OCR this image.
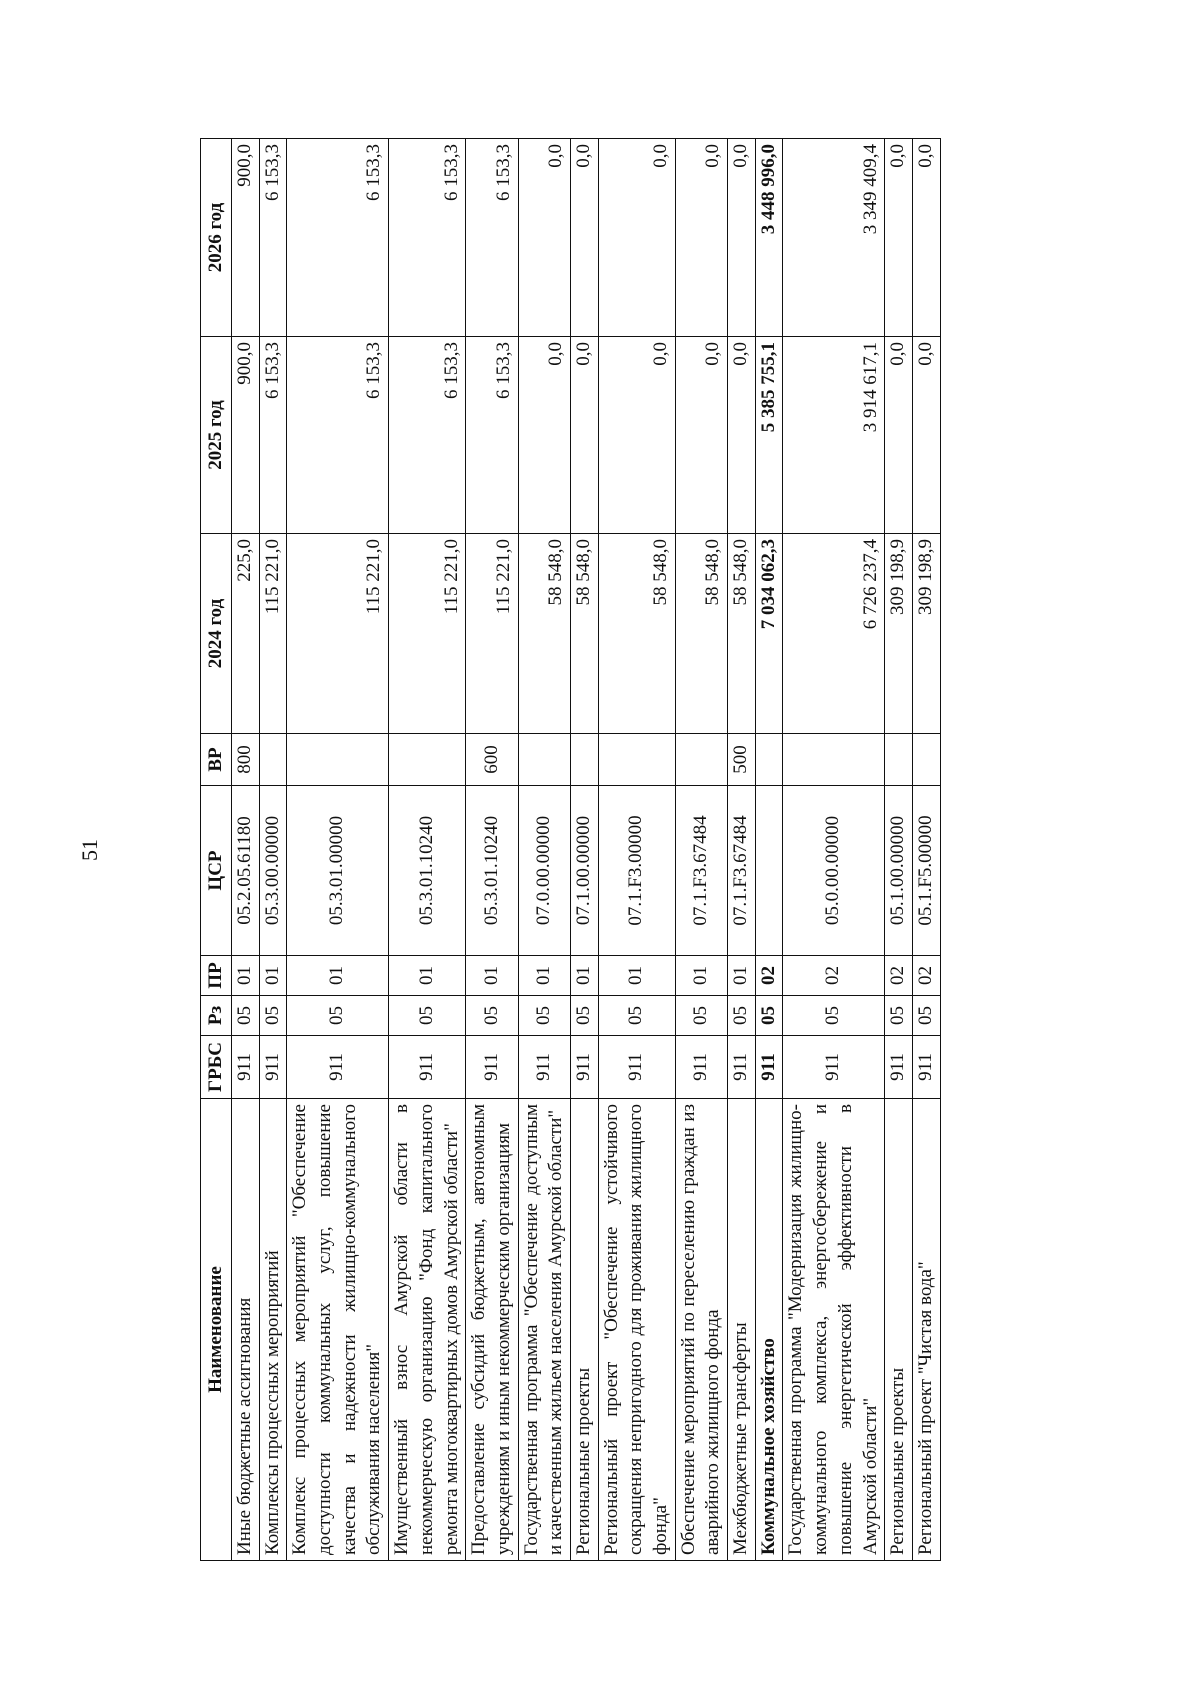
51
Наименование	ГРБС	Рз	ПР	ЦСР	ВР	2024 год	2025 год	2026 год
Иные бюджетные ассигнования	911	05	01	05.2.05.61180	800	225,0	900,0	900,0
Комплексы процессных мероприятий	911	05	01	05.3.00.00000		115 221,0	6 153,3	6 153,3
Комплекс процессных мероприятий "Обеспечение доступности коммунальных услуг, повышение качества и надежности жилищно-коммунального обслуживания населения"	911	05	01	05.3.01.00000		115 221,0	6 153,3	6 153,3
Имущественный взнос Амурской области в некоммерческую организацию "Фонд капитального ремонта многоквартирных домов Амурской области"	911	05	01	05.3.01.10240		115 221,0	6 153,3	6 153,3
Предоставление субсидий бюджетным, автономным учреждениям и иным некоммерческим организациям	911	05	01	05.3.01.10240	600	115 221,0	6 153,3	6 153,3
Государственная программа "Обеспечение доступным и качественным жильем населения Амурской области"	911	05	01	07.0.00.00000		58 548,0	0,0	0,0
Региональные проекты	911	05	01	07.1.00.00000		58 548,0	0,0	0,0
Региональный проект "Обеспечение устойчивого сокращения непригодного для проживания жилищного фонда"	911	05	01	07.1.F3.00000		58 548,0	0,0	0,0
Обеспечение мероприятий по переселению граждан из аварийного жилищного фонда	911	05	01	07.1.F3.67484		58 548,0	0,0	0,0
Межбюджетные трансферты	911	05	01	07.1.F3.67484	500	58 548,0	0,0	0,0
Коммунальное хозяйство	911	05	02			7 034 062,3	5 385 755,1	3 448 996,0
Государственная программа "Модернизация жилищно-коммунального комплекса, энергосбережение и повышение энергетической эффективности в Амурской области"	911	05	02	05.0.00.00000		6 726 237,4	3 914 617,1	3 349 409,4
Региональные проекты	911	05	02	05.1.00.00000		309 198,9	0,0	0,0
Региональный проект "Чистая вода"	911	05	02	05.1.F5.00000		309 198,9	0,0	0,0
